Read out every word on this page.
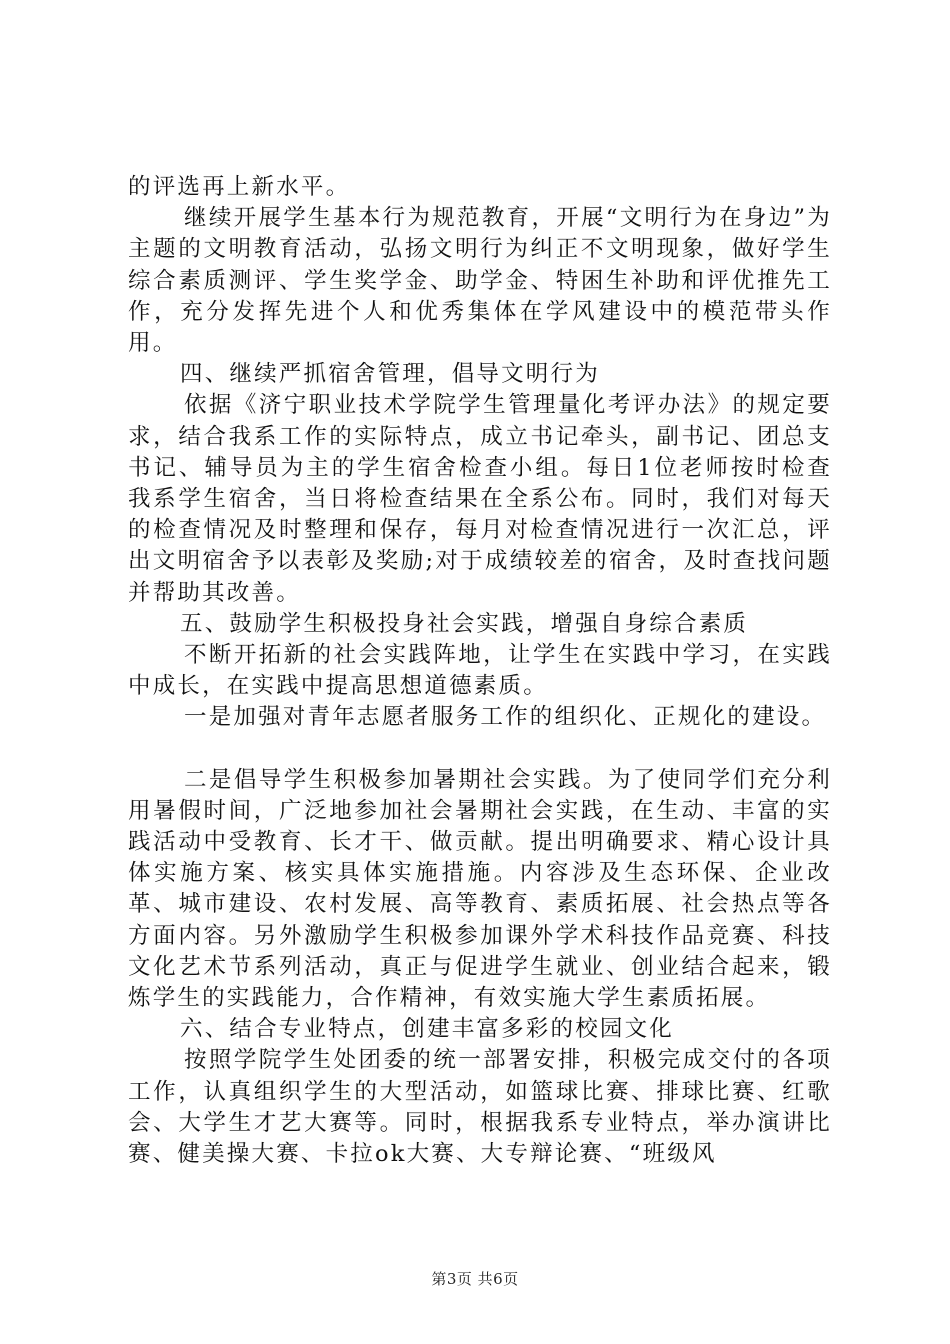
的评选再上新水平。

继续开展学生基本行为规范教育，开展“文明行为在身边”为主题的文明教育活动，弘扬文明行为纠正不文明现象，做好学生综合素质测评、学生奖学金、助学金、特困生补助和评优推先工作，充分发挥先进个人和优秀集体在学风建设中的模范带头作用。

四、继续严抓宿舍管理，倡导文明行为

依据《济宁职业技术学院学生管理量化考评办法》的规定要求，结合我系工作的实际特点，成立书记牵头，副书记、团总支书记、辅导员为主的学生宿舍检查小组。每日1位老师按时检查我系学生宿舍，当日将检查结果在全系公布。同时，我们对每天的检查情况及时整理和保存，每月对检查情况进行一次汇总，评出文明宿舍予以表彰及奖励;对于成绩较差的宿舍，及时查找问题并帮助其改善。

五、鼓励学生积极投身社会实践，增强自身综合素质

不断开拓新的社会实践阵地，让学生在实践中学习，在实践中成长，在实践中提高思想道德素质。

一是加强对青年志愿者服务工作的组织化、正规化的建设。

二是倡导学生积极参加暑期社会实践。为了使同学们充分利用暑假时间，广泛地参加社会暑期社会实践，在生动、丰富的实践活动中受教育、长才干、做贡献。提出明确要求、精心设计具体实施方案、核实具体实施措施。内容涉及生态环保、企业改革、城市建设、农村发展、高等教育、素质拓展、社会热点等各方面内容。另外激励学生积极参加课外学术科技作品竞赛、科技文化艺术节系列活动，真正与促进学生就业、创业结合起来，锻炼学生的实践能力，合作精神，有效实施大学生素质拓展。

六、结合专业特点，创建丰富多彩的校园文化

按照学院学生处团委的统一部署安排，积极完成交付的各项工作，认真组织学生的大型活动，如篮球比赛、排球比赛、红歌会、大学生才艺大赛等。同时，根据我系专业特点，举办演讲比赛、健美操大赛、卡拉ok大赛、大专辩论赛、“班级风

第3页 共6页
